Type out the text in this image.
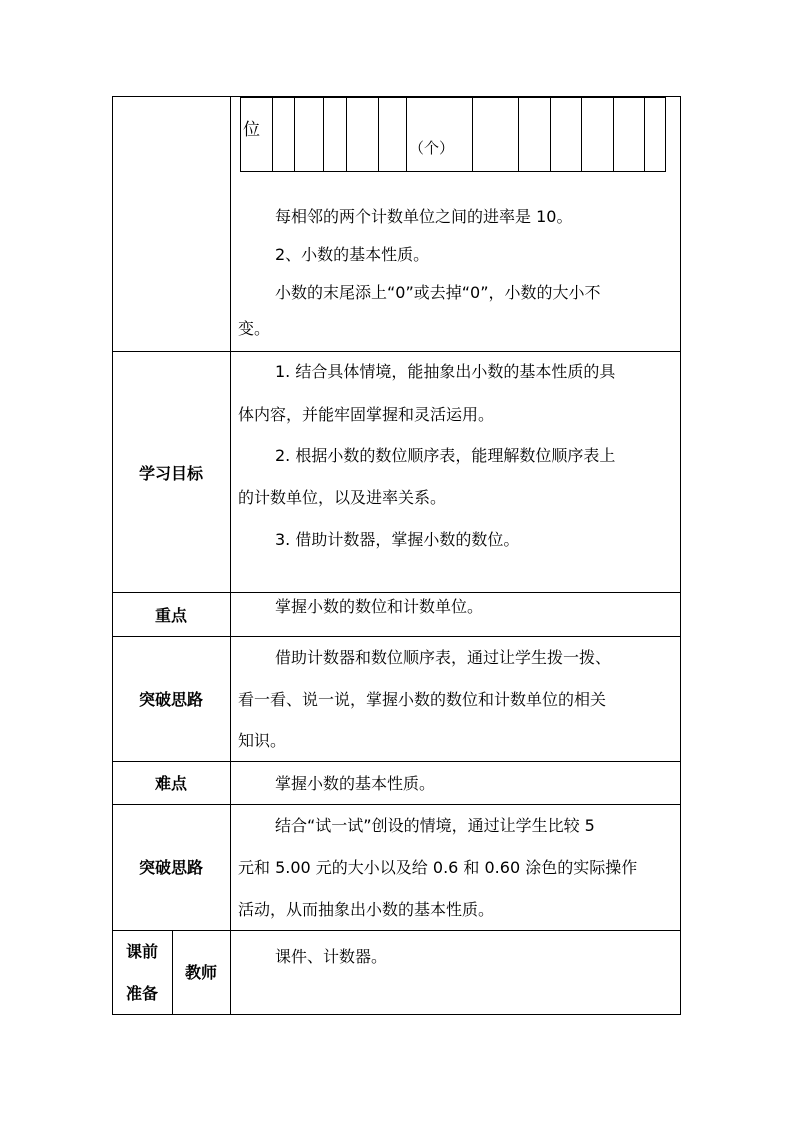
位
（个）
每相邻的两个计数单位之间的进率是 10。
2、小数的基本性质。
小数的末尾添上“0”或去掉“0”，小数的大小不
变。
学习目标
1. 结合具体情境，能抽象出小数的基本性质的具
体内容，并能牢固掌握和灵活运用。
2. 根据小数的数位顺序表，能理解数位顺序表上
的计数单位，以及进率关系。
3. 借助计数器，掌握小数的数位。
重点	掌握小数的数位和计数单位。
突破思路
借助计数器和数位顺序表，通过让学生拨一拨、
看一看、说一说，掌握小数的数位和计数单位的相关
知识。
难点	掌握小数的基本性质。
突破思路
结合“试一试”创设的情境，通过让学生比较 5
元和 5.00 元的大小以及给 0.6 和 0.60 涂色的实际操作
活动，从而抽象出小数的基本性质。
课前
准备
教师
课件、计数器。
